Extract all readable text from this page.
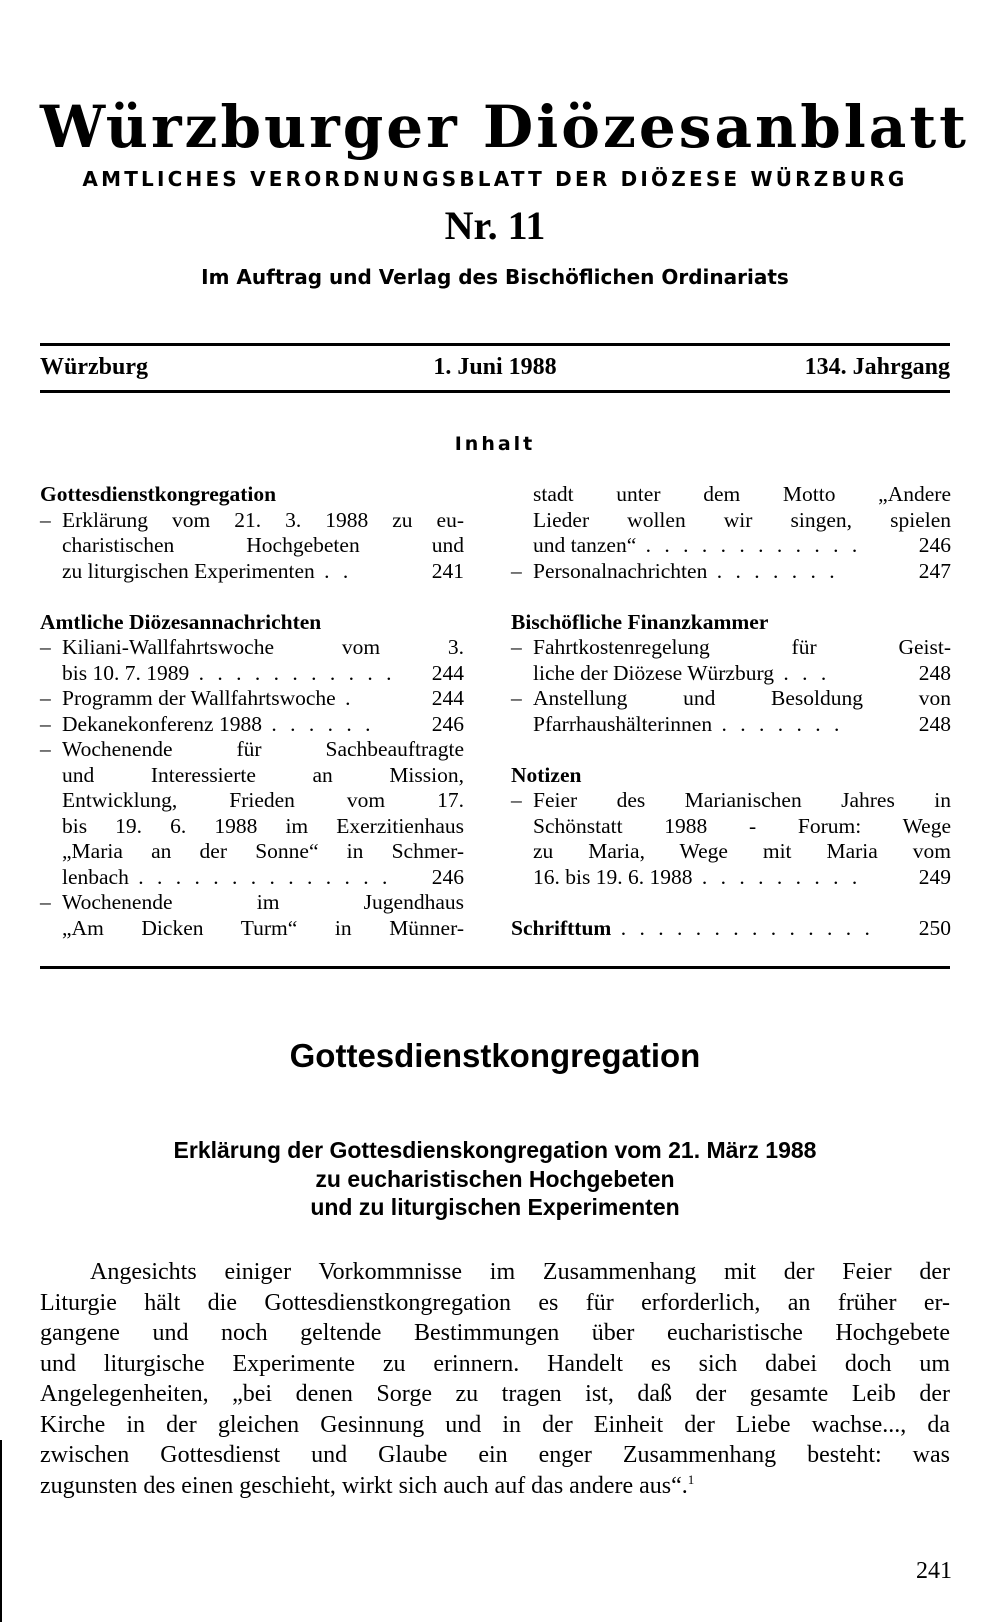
Würzburger Diözesanblatt
AMTLICHES VERORDNUNGSBLATT DER DIÖZESE WÜRZBURG
Nr. 11
Im Auftrag und Verlag des Bischöflichen Ordinariats
Würzburg	1. Juni 1988	134. Jahrgang
Inhalt
Gottesdienstkongregation
– Erklärung vom 21. 3. 1988 zu eu-
charistischen Hochgebeten und
zu liturgischen Experimenten . .	241
Amtliche Diözesannachrichten
– Kiliani-Wallfahrtswoche vom 3.
bis 10. 7. 1989 . . . . . . . . . . . 244
– Programm der Wallfahrtswoche .	244
– Dekanekonferenz 1988 . . . . . .	246
– Wochenende für Sachbeauftragte
und Interessierte an Mission,
Entwicklung, Frieden vom 17.
bis 19. 6. 1988 im Exerzitienhaus
„Maria an der Sonne“ in Schmer-
lenbach . . . . . . . . . . . . . . 246
– Wochenende im Jugendhaus
„Am Dicken Turm“ in Münner-
stadt unter dem Motto „Andere
Lieder wollen wir singen, spielen
und tanzen“ . . . . . . . . . . . .	246
– Personalnachrichten . . . . . . .	247
Bischöfliche Finanzkammer
– Fahrtkostenregelung für Geist-
liche der Diözese Würzburg . . .	248
– Anstellung und Besoldung von
Pfarrhaushälterinnen . . . . . . .	248
Notizen
– Feier des Marianischen Jahres in
Schönstatt 1988 - Forum: Wege
zu Maria, Wege mit Maria vom
16. bis 19. 6. 1988 . . . . . . . . .	249
Schrifttum . . . . . . . . . . . . . . 250
Gottesdienstkongregation
Erklärung der Gottesdienskongregation vom 21. März 1988
zu eucharistischen Hochgebeten
und zu liturgischen Experimenten
Angesichts einiger Vorkommnisse im Zusammenhang mit der Feier der
Liturgie hält die Gottesdienstkongregation es für erforderlich, an früher er-
gangene und noch geltende Bestimmungen über eucharistische Hochgebete
und liturgische Experimente zu erinnern. Handelt es sich dabei doch um
Angelegenheiten, „bei denen Sorge zu tragen ist, daß der gesamte Leib der
Kirche in der gleichen Gesinnung und in der Einheit der Liebe wachse..., da
zwischen Gottesdienst und Glaube ein enger Zusammenhang besteht: was
zugunsten des einen geschieht, wirkt sich auch auf das andere aus“.$^1$
241
